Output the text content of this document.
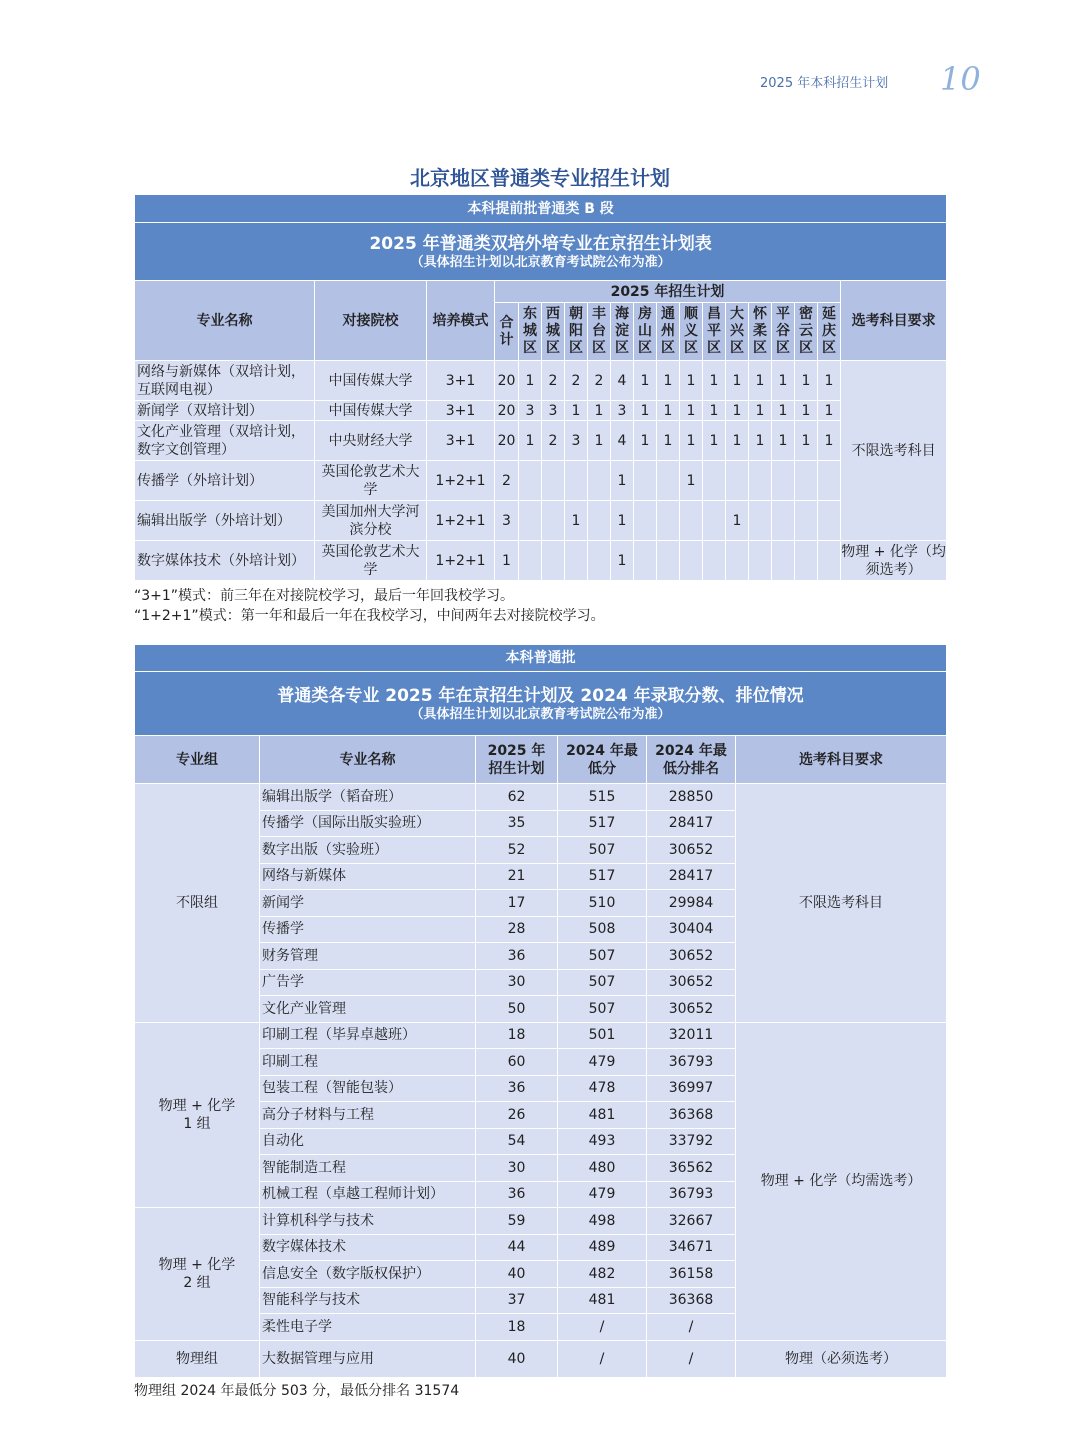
2025 年本科招生计划 10
北京地区普通类专业招生计划
本科提前批普通类 B 段																		

2025 年普通类双培外培专业在京招生计划表
（具体招生计划以北京教育考试院公布为准）																		

专业名称	对接院校	培养模式	2025 年招生计划															选考科目要求
			合计	东城区	西城区	朝阳区	丰台区	海淀区	房山区	通州区	顺义区	昌平区	大兴区	怀柔区	平谷区	密云区	延庆区	
网络与新媒体（双培计划，互联网电视）	中国传媒大学	3+1	20	1	2	2	2	4	1	1	1	1	1	1	1	1	1	不限选考科目
新闻学（双培计划）	中国传媒大学	3+1	20	3	3	1	1	3	1	1	1	1	1	1	1	1	1	
文化产业管理（双培计划，数字文创管理）	中央财经大学	3+1	20	1	2	3	1	4	1	1	1	1	1	1	1	1	1	
传播学（外培计划）	英国伦敦艺术大学	1+2+1	2					1			1							
编辑出版学（外培计划）	美国加州大学河滨分校	1+2+1	3			1		1					1					
数字媒体技术（外培计划）	英国伦敦艺术大学	1+2+1	1					1										物理 + 化学（均须选考）
“3+1”模式：前三年在对接院校学习，最后一年回我校学习。
“1+2+1”模式：第一年和最后一年在我校学习，中间两年去对接院校学习。
本科普通批					

普通类各专业 2025 年在京招生计划及 2024 年录取分数、排位情况
（具体招生计划以北京教育考试院公布为准）					

专业组	专业名称	2025 年招生计划	2024 年最低分	2024 年最低分排名	选考科目要求
不限组	编辑出版学（韬奋班）	62	515	28850	不限选考科目
	传播学（国际出版实验班）	35	517	28417	
	数字出版（实验班）	52	507	30652	
	网络与新媒体	21	517	28417	
	新闻学	17	510	29984	
	传播学	28	508	30404	
	财务管理	36	507	30652	
	广告学	30	507	30652	
	文化产业管理	50	507	30652	
物理 + 化学 1 组	印刷工程（毕昇卓越班）	18	501	32011	物理 + 化学（均需选考）
	印刷工程	60	479	36793	
	包装工程（智能包装）	36	478	36997	
	高分子材料与工程	26	481	36368	
	自动化	54	493	33792	
	智能制造工程	30	480	36562	
	机械工程（卓越工程师计划）	36	479	36793	
物理 + 化学 2 组	计算机科学与技术	59	498	32667	
	数字媒体技术	44	489	34671	
	信息安全（数字版权保护）	40	482	36158	
	智能科学与技术	37	481	36368	
	柔性电子学	18	/	/	
物理组	大数据管理与应用	40	/	/	物理（必须选考）
物理组 2024 年最低分 503 分，最低分排名 31574
